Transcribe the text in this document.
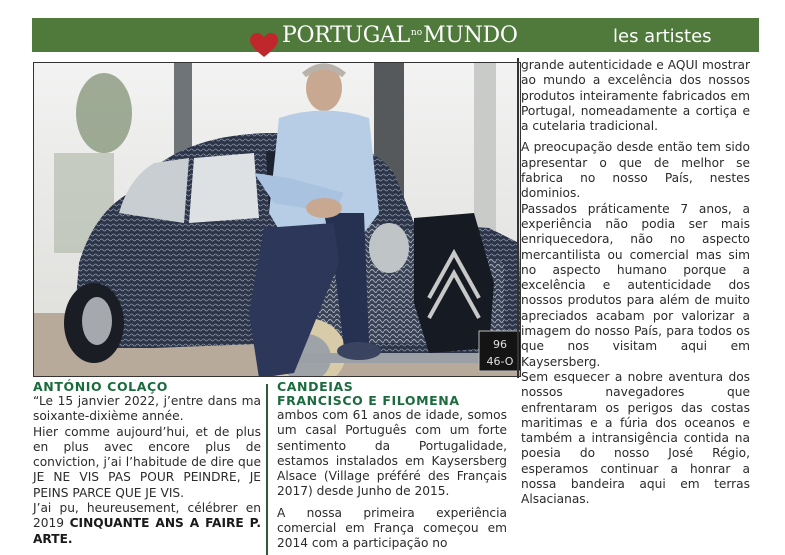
$PORTUGAL^{no}MUNDO$	les artistes
96
46-O
ANTÓNIO COLAÇO

“Le 15 janvier 2022, j’entre dans ma soixante-dixième année.

Hier comme aujourd’hui, et de plus en plus avec encore plus de conviction, j’ai l’habitude de dire que JE NE VIS PAS POUR PEINDRE, JE PEINS PARCE QUE JE VIS.

J’ai pu, heureusement, célébrer en 2019 CINQUANTE ANS A FAIRE P. ARTE.

CANDEIAS
FRANCISCO E FILOMENA

ambos com 61 anos de idade, somos um casal Português com um forte sentimento da Portugalidade, estamos instalados em Kaysersberg Alsace (Village préféré des Français 2017) desde Junho de 2015.

A nossa primeira experiência comercial em França começou em 2014 com a participação no

grande autenticidade e AQUI mostrar ao mundo a excelência dos nossos produtos inteiramente fabricados em Portugal, nomeadamente a cortiça e a cutelaria tradicional.

A preocupação desde então tem sido apresentar o que de melhor se fabrica no nosso País, nestes dominios.

Passados práticamente 7 anos, a experiência não podia ser mais enriquecedora, não no aspecto mercantilista ou comercial mas sim no aspecto humano porque a excelência e autenticidade dos nossos produtos para além de muito apreciados acabam por valorizar a imagem do nosso País, para todos os que nos visitam aqui em Kaysersberg.

Sem esquecer a nobre aventura dos nossos navegadores que enfrentaram os perigos das costas maritimas e a fúria dos oceanos e também a intransigência contida na poesia do nosso José Régio, esperamos continuar a honrar a nossa bandeira aqui em terras Alsacianas.
